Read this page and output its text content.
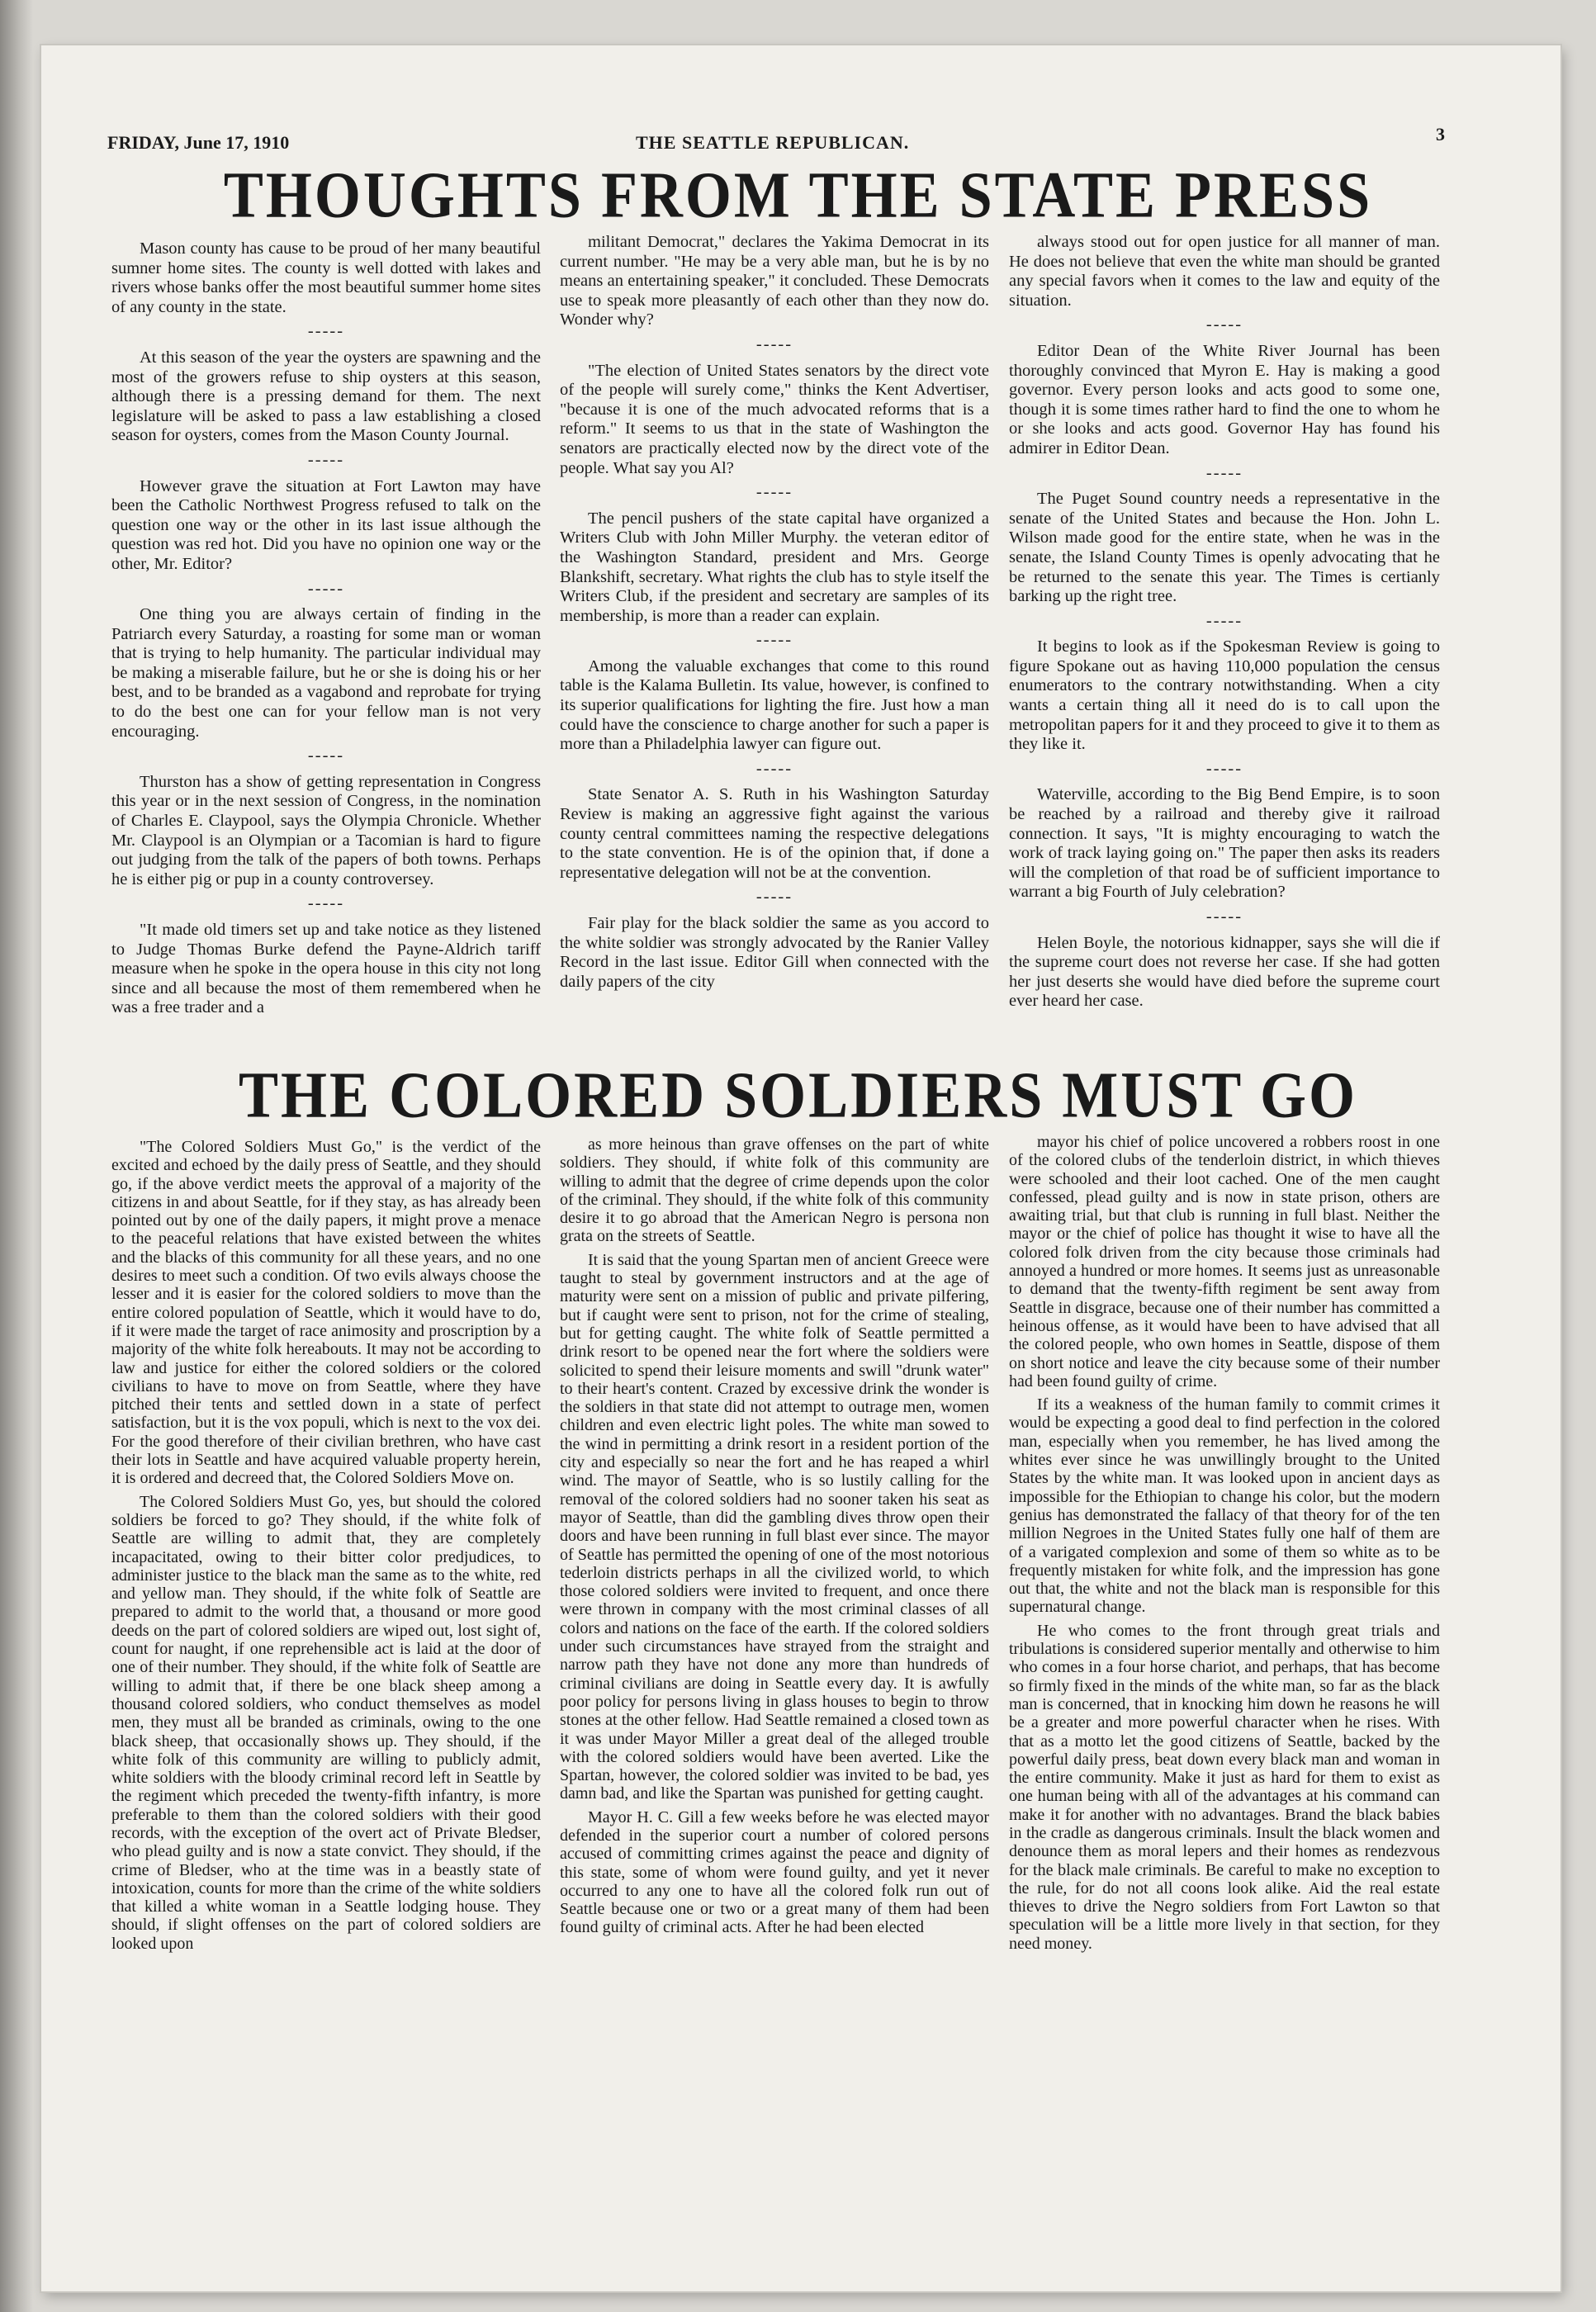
FRIDAY, June 17, 1910	THE SEATTLE REPUBLICAN.	3
THOUGHTS FROM THE STATE PRESS

Mason county has cause to be proud of her many beautiful sumner home sites. The county is well dotted with lakes and rivers whose banks offer the most beautiful summer home sites of any county in the state.

-----

At this season of the year the oysters are spawning and the most of the growers refuse to ship oysters at this season, although there is a pressing demand for them. The next legislature will be asked to pass a law establishing a closed season for oysters, comes from the Mason County Journal.

-----

However grave the situation at Fort Lawton may have been the Catholic Northwest Progress refused to talk on the question one way or the other in its last issue although the question was red hot. Did you have no opinion one way or the other, Mr. Editor?

-----

One thing you are always certain of finding in the Patriarch every Saturday, a roasting for some man or woman that is trying to help humanity. The particular individual may be making a miserable failure, but he or she is doing his or her best, and to be branded as a vagabond and reprobate for trying to do the best one can for your fellow man is not very encouraging.

-----

Thurston has a show of getting representation in Congress this year or in the next session of Congress, in the nomination of Charles E. Claypool, says the Olympia Chronicle. Whether Mr. Claypool is an Olympian or a Tacomian is hard to figure out judging from the talk of the papers of both towns. Perhaps he is either pig or pup in a county controversey.

-----

"It made old timers set up and take notice as they listened to Judge Thomas Burke defend the Payne-Aldrich tariff measure when he spoke in the opera house in this city not long since and all because the most of them remembered when he was a free trader and a

militant Democrat," declares the Yakima Democrat in its current number. "He may be a very able man, but he is by no means an entertaining speaker," it concluded. These Democrats use to speak more pleasantly of each other than they now do. Wonder why?

-----

"The election of United States senators by the direct vote of the people will surely come," thinks the Kent Advertiser, "because it is one of the much advocated reforms that is a reform." It seems to us that in the state of Washington the senators are practically elected now by the direct vote of the people. What say you Al?

-----

The pencil pushers of the state capital have organized a Writers Club with John Miller Murphy. the veteran editor of the Washington Standard, president and Mrs. George Blankshift, secretary. What rights the club has to style itself the Writers Club, if the president and secretary are samples of its membership, is more than a reader can explain.

-----

Among the valuable exchanges that come to this round table is the Kalama Bulletin. Its value, however, is confined to its superior qualifications for lighting the fire. Just how a man could have the conscience to charge another for such a paper is more than a Philadelphia lawyer can figure out.

-----

State Senator A. S. Ruth in his Washington Saturday Review is making an aggressive fight against the various county central committees naming the respective delegations to the state convention. He is of the opinion that, if done a representative delegation will not be at the convention.

-----

Fair play for the black soldier the same as you accord to the white soldier was strongly advocated by the Ranier Valley Record in the last issue. Editor Gill when connected with the daily papers of the city

always stood out for open justice for all manner of man. He does not believe that even the white man should be granted any special favors when it comes to the law and equity of the situation.

-----

Editor Dean of the White River Journal has been thoroughly convinced that Myron E. Hay is making a good governor. Every person looks and acts good to some one, though it is some times rather hard to find the one to whom he or she looks and acts good. Governor Hay has found his admirer in Editor Dean.

-----

The Puget Sound country needs a representative in the senate of the United States and because the Hon. John L. Wilson made good for the entire state, when he was in the senate, the Island County Times is openly advocating that he be returned to the senate this year. The Times is certianly barking up the right tree.

-----

It begins to look as if the Spokesman Review is going to figure Spokane out as having 110,000 population the census enumerators to the contrary notwithstanding. When a city wants a certain thing all it need do is to call upon the metropolitan papers for it and they proceed to give it to them as they like it.

-----

Waterville, according to the Big Bend Empire, is to soon be reached by a railroad and thereby give it railroad connection. It says, "It is mighty encouraging to watch the work of track laying going on." The paper then asks its readers will the completion of that road be of sufficient importance to warrant a big Fourth of July celebration?

-----

Helen Boyle, the notorious kidnapper, says she will die if the supreme court does not reverse her case. If she had gotten her just deserts she would have died before the supreme court ever heard her case.

THE COLORED SOLDIERS MUST GO

"The Colored Soldiers Must Go," is the verdict of the excited and echoed by the daily press of Seattle, and they should go, if the above verdict meets the approval of a majority of the citizens in and about Seattle, for if they stay, as has already been pointed out by one of the daily papers, it might prove a menace to the peaceful relations that have existed between the whites and the blacks of this community for all these years, and no one desires to meet such a condition. Of two evils always choose the lesser and it is easier for the colored soldiers to move than the entire colored population of Seattle, which it would have to do, if it were made the target of race animosity and proscription by a majority of the white folk hereabouts. It may not be according to law and justice for either the colored soldiers or the colored civilians to have to move on from Seattle, where they have pitched their tents and settled down in a state of perfect satisfaction, but it is the vox populi, which is next to the vox dei. For the good therefore of their civilian brethren, who have cast their lots in Seattle and have acquired valuable property herein, it is ordered and decreed that, the Colored Soldiers Move on.

The Colored Soldiers Must Go, yes, but should the colored soldiers be forced to go? They should, if the white folk of Seattle are willing to admit that, they are completely incapacitated, owing to their bitter color predjudices, to administer justice to the black man the same as to the white, red and yellow man. They should, if the white folk of Seattle are prepared to admit to the world that, a thousand or more good deeds on the part of colored soldiers are wiped out, lost sight of, count for naught, if one reprehensible act is laid at the door of one of their number. They should, if the white folk of Seattle are willing to admit that, if there be one black sheep among a thousand colored soldiers, who conduct themselves as model men, they must all be branded as criminals, owing to the one black sheep, that occasionally shows up. They should, if the white folk of this community are willing to publicly admit, white soldiers with the bloody criminal record left in Seattle by the regiment which preceded the twenty-fifth infantry, is more preferable to them than the colored soldiers with their good records, with the exception of the overt act of Private Bledser, who plead guilty and is now a state convict. They should, if the crime of Bledser, who at the time was in a beastly state of intoxication, counts for more than the crime of the white soldiers that killed a white woman in a Seattle lodging house. They should, if slight offenses on the part of colored soldiers are looked upon

as more heinous than grave offenses on the part of white soldiers. They should, if white folk of this community are willing to admit that the degree of crime depends upon the color of the criminal. They should, if the white folk of this community desire it to go abroad that the American Negro is persona non grata on the streets of Seattle.

It is said that the young Spartan men of ancient Greece were taught to steal by government instructors and at the age of maturity were sent on a mission of public and private pilfering, but if caught were sent to prison, not for the crime of stealing, but for getting caught. The white folk of Seattle permitted a drink resort to be opened near the fort where the soldiers were solicited to spend their leisure moments and swill "drunk water" to their heart's content. Crazed by excessive drink the wonder is the soldiers in that state did not attempt to outrage men, women children and even electric light poles. The white man sowed to the wind in permitting a drink resort in a resident portion of the city and especially so near the fort and he has reaped a whirl wind. The mayor of Seattle, who is so lustily calling for the removal of the colored soldiers had no sooner taken his seat as mayor of Seattle, than did the gambling dives throw open their doors and have been running in full blast ever since. The mayor of Seattle has permitted the opening of one of the most notorious tederloin districts perhaps in all the civilized world, to which those colored soldiers were invited to frequent, and once there were thrown in company with the most criminal classes of all colors and nations on the face of the earth. If the colored soldiers under such circumstances have strayed from the straight and narrow path they have not done any more than hundreds of criminal civilians are doing in Seattle every day. It is awfully poor policy for persons living in glass houses to begin to throw stones at the other fellow. Had Seattle remained a closed town as it was under Mayor Miller a great deal of the alleged trouble with the colored soldiers would have been averted. Like the Spartan, however, the colored soldier was invited to be bad, yes damn bad, and like the Spartan was punished for getting caught.

Mayor H. C. Gill a few weeks before he was elected mayor defended in the superior court a number of colored persons accused of committing crimes against the peace and dignity of this state, some of whom were found guilty, and yet it never occurred to any one to have all the colored folk run out of Seattle because one or two or a great many of them had been found guilty of criminal acts. After he had been elected

mayor his chief of police uncovered a robbers roost in one of the colored clubs of the tenderloin district, in which thieves were schooled and their loot cached. One of the men caught confessed, plead guilty and is now in state prison, others are awaiting trial, but that club is running in full blast. Neither the mayor or the chief of police has thought it wise to have all the colored folk driven from the city because those criminals had annoyed a hundred or more homes. It seems just as unreasonable to demand that the twenty-fifth regiment be sent away from Seattle in disgrace, because one of their number has committed a heinous offense, as it would have been to have advised that all the colored people, who own homes in Seattle, dispose of them on short notice and leave the city because some of their number had been found guilty of crime.

If its a weakness of the human family to commit crimes it would be expecting a good deal to find perfection in the colored man, especially when you remember, he has lived among the whites ever since he was unwillingly brought to the United States by the white man. It was looked upon in ancient days as impossible for the Ethiopian to change his color, but the modern genius has demonstrated the fallacy of that theory for of the ten million Negroes in the United States fully one half of them are of a varigated complexion and some of them so white as to be frequently mistaken for white folk, and the impression has gone out that, the white and not the black man is responsible for this supernatural change.

He who comes to the front through great trials and tribulations is considered superior mentally and otherwise to him who comes in a four horse chariot, and perhaps, that has become so firmly fixed in the minds of the white man, so far as the black man is concerned, that in knocking him down he reasons he will be a greater and more powerful character when he rises. With that as a motto let the good citizens of Seattle, backed by the powerful daily press, beat down every black man and woman in the entire community. Make it just as hard for them to exist as one human being with all of the advantages at his command can make it for another with no advantages. Brand the black babies in the cradle as dangerous criminals. Insult the black women and denounce them as moral lepers and their homes as rendezvous for the black male criminals. Be careful to make no exception to the rule, for do not all coons look alike. Aid the real estate thieves to drive the Negro soldiers from Fort Lawton so that speculation will be a little more lively in that section, for they need money.
